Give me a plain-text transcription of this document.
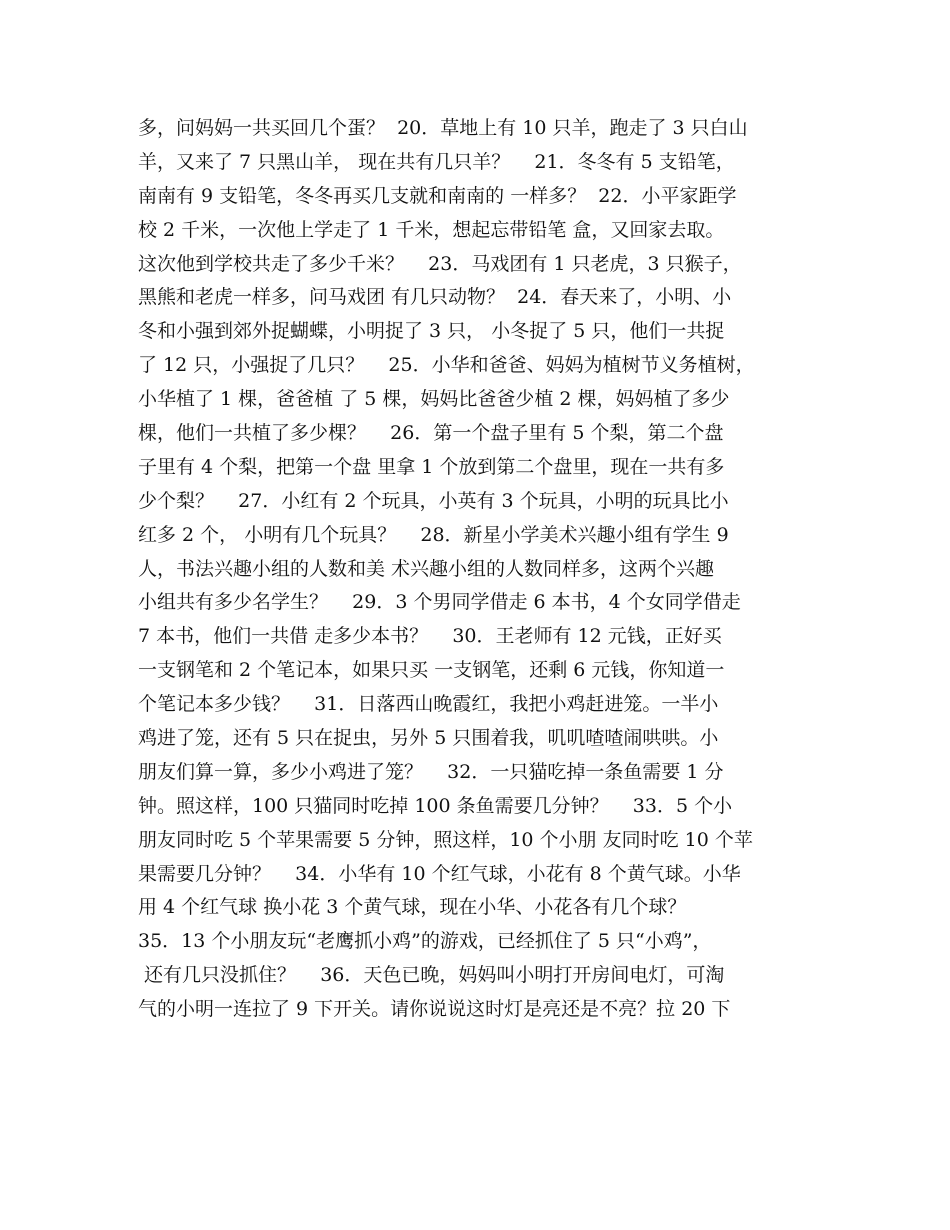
多，问妈妈一共买回几个蛋？  20．草地上有 10 只羊，跑走了 3 只白山
羊，又来了 7 只黑山羊， 现在共有几只羊？    21．冬冬有 5 支铅笔，
南南有 9 支铅笔，冬冬再买几支就和南南的 一样多？  22．小平家距学
校 2 千米，一次他上学走了 1 千米，想起忘带铅笔 盒，又回家去取。
这次他到学校共走了多少千米？    23．马戏团有 1 只老虎，3 只猴子，
黑熊和老虎一样多，问马戏团 有几只动物？  24．春天来了，小明、小
冬和小强到郊外捉蝴蝶，小明捉了 3 只， 小冬捉了 5 只，他们一共捉
了 12 只，小强捉了几只？    25．小华和爸爸、妈妈为植树节义务植树，
小华植了 1 棵，爸爸植 了 5 棵，妈妈比爸爸少植 2 棵，妈妈植了多少
棵，他们一共植了多少棵？    26．第一个盘子里有 5 个梨，第二个盘
子里有 4 个梨，把第一个盘 里拿 1 个放到第二个盘里，现在一共有多
少个梨？    27．小红有 2 个玩具，小英有 3 个玩具，小明的玩具比小
红多 2 个， 小明有几个玩具？    28．新星小学美术兴趣小组有学生 9
人，书法兴趣小组的人数和美 术兴趣小组的人数同样多，这两个兴趣
小组共有多少名学生？    29．3 个男同学借走 6 本书，4 个女同学借走
7 本书，他们一共借 走多少本书？    30．王老师有 12 元钱，正好买
一支钢笔和 2 个笔记本，如果只买 一支钢笔，还剩 6 元钱，你知道一
个笔记本多少钱？    31．日落西山晚霞红，我把小鸡赶进笼。一半小
鸡进了笼，还有 5 只在捉虫，另外 5 只围着我，叽叽喳喳闹哄哄。小
朋友们算一算，多少小鸡进了笼？    32．一只猫吃掉一条鱼需要 1 分
钟。照这样，100 只猫同时吃掉 100 条鱼需要几分钟？    33．5 个小
朋友同时吃 5 个苹果需要 5 分钟，照这样，10 个小朋 友同时吃 10 个苹
果需要几分钟？    34．小华有 10 个红气球，小花有 8 个黄气球。小华
用 4 个红气球 换小花 3 个黄气球，现在小华、小花各有几个球？
35．13 个小朋友玩“老鹰抓小鸡”的游戏，已经抓住了 5 只“小鸡”，
还有几只没抓住？    36．天色已晚，妈妈叫小明打开房间电灯，可淘
气的小明一连拉了 9 下开关。请你说说这时灯是亮还是不亮？拉 20 下
